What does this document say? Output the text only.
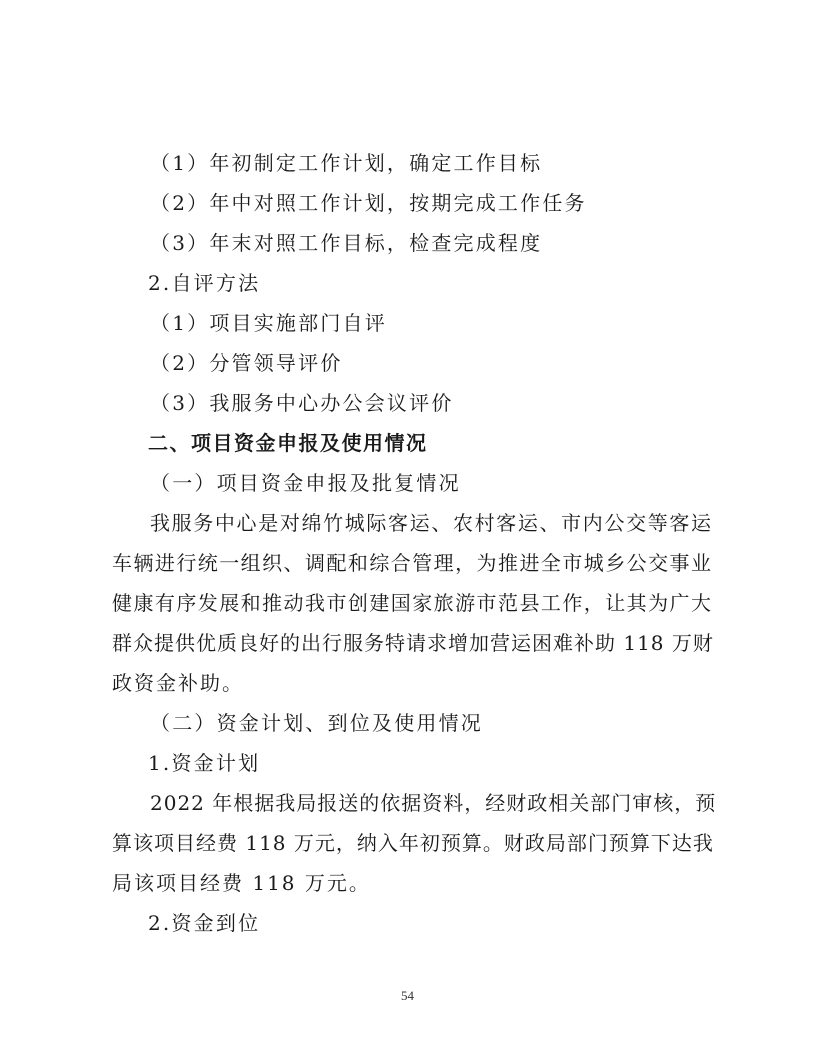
（1）年初制定工作计划，确定工作目标
（2）年中对照工作计划，按期完成工作任务
（3）年末对照工作目标，检查完成程度
2.自评方法
（1）项目实施部门自评
（2）分管领导评价
（3）我服务中心办公会议评价
二、项目资金申报及使用情况
（一）项目资金申报及批复情况
我服务中心是对绵竹城际客运、农村客运、市内公交等客运
车辆进行统一组织、调配和综合管理，为推进全市城乡公交事业
健康有序发展和推动我市创建国家旅游市范县工作，让其为广大
群众提供优质良好的出行服务特请求增加营运困难补助 118 万财
政资金补助。
（二）资金计划、到位及使用情况
1.资金计划
2022 年根据我局报送的依据资料，经财政相关部门审核，预
算该项目经费 118 万元，纳入年初预算。财政局部门预算下达我
局该项目经费 118 万元。
2.资金到位
54
